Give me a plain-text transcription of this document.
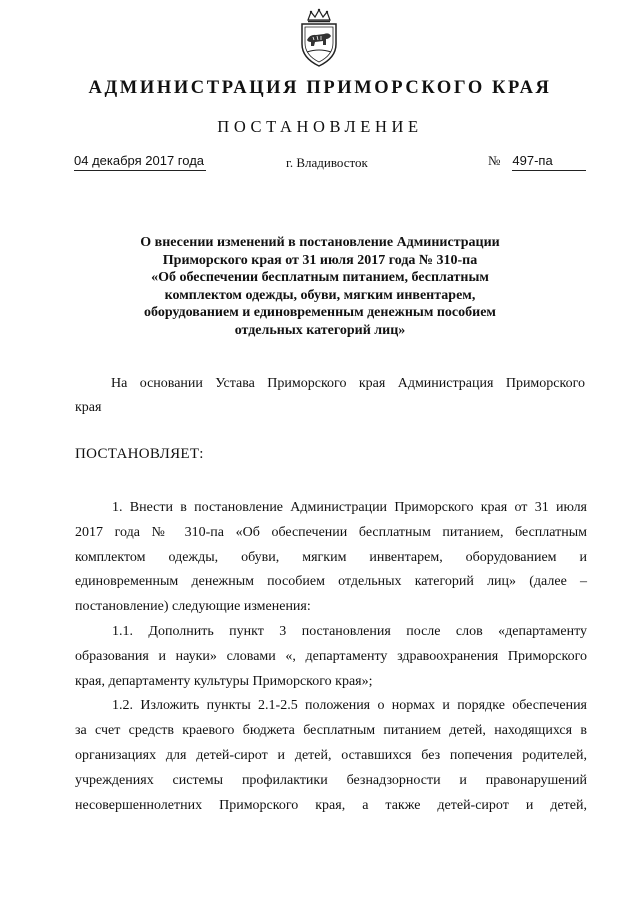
АДМИНИСТРАЦИЯ ПРИМОРСКОГО КРАЯ
ПОСТАНОВЛЕНИЕ
04 декабря 2017 года	г. Владивосток	№ 497-па
О внесении изменений в постановление Администрации
Приморского края от 31 июля 2017 года № 310-па
«Об обеспечении бесплатным питанием, бесплатным
комплектом одежды, обуви, мягким инвентарем,
оборудованием и единовременным денежным пособием
отдельных категорий лиц»
На основании Устава Приморского края Администрация Приморского
края
ПОСТАНОВЛЯЕТ:
1. Внести в постановление Администрации Приморского края от 31 июля
2017 года № 310-па «Об обеспечении бесплатным питанием, бесплатным
комплектом одежды, обуви, мягким инвентарем, оборудованием и
единовременным денежным пособием отдельных категорий лиц» (далее –
постановление) следующие изменения:
1.1. Дополнить пункт 3 постановления после слов «департаменту
образования и науки» словами «, департаменту здравоохранения Приморского
края, департаменту культуры Приморского края»;
1.2. Изложить пункты 2.1-2.5 положения о нормах и порядке обеспечения
за счет средств краевого бюджета бесплатным питанием детей, находящихся в
организациях для детей-сирот и детей, оставшихся без попечения родителей,
учреждениях системы профилактики безнадзорности и правонарушений
несовершеннолетних Приморского края, а также детей-сирот и детей,
